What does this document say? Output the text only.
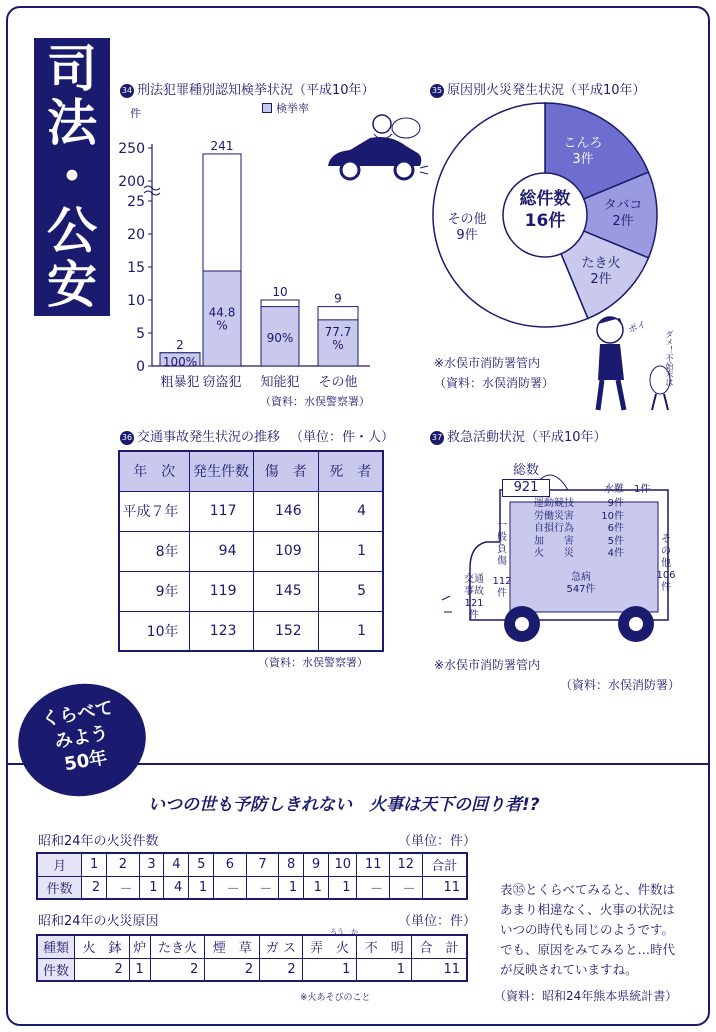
司
法
・
公
安
34 刑法犯罪種別認知検挙状況（平成10年）
件	検挙率
0
5
10
15
20
25
200
250
2
100%
粗暴犯
241
44.8
%
窃盗犯
10
90%
知能犯
9
77.7
%
その他
（資料：水俣警察署）
35 原因別火災発生状況（平成10年）
総件数
16件
こんろ
3件
タバコ
2件
たき火
2件
その他
9件
※水俣市消防署管内
（資料：水俣消防署）
ポイ
ダメ！不始末は
36 交通事故発生状況の推移 （単位：件・人）
年　次	発生件数	傷　者	死　者
平成７年	117	146	4
8年	94	109	1
9年	119	145	5
10年	123	152	1
（資料：水俣警察署）
37 救急活動状況（平成10年）
総数
921	水難　1件
運動競技	9件
労働災害	10件
自損行為	6件
加　　害	5件
火　　災	4件
一
般
負
傷
112
件
急病
547件
そ
の
他
106
件
交通
事故
121
件
※水俣市消防署管内
（資料：水俣消防署）
くらべて
みよう
50年
いつの世も予防しきれない　火事は天下の回り者!?
昭和24年の火災件数	（単位：件）
月	1	2	3	4	5	6	7	8	9	10	11	12	合計
件数	2	－	1	4	1	－	－	1	1	1	－	－	11
昭和24年の火災原因	（単位：件）
ろう　か
種類	火　鉢	炉	たき火	煙　草	ガ ス	弄　火	不　明	合　計
件数	2	1	2	2	2	1	1	11
※火あそびのこと
表㉟とくらべてみると、件数は
あまり相違なく、火事の状況は
いつの時代も同じのようです。
でも、原因をみてみると…時代
が反映されていますね。
（資料：昭和24年熊本県統計書）
